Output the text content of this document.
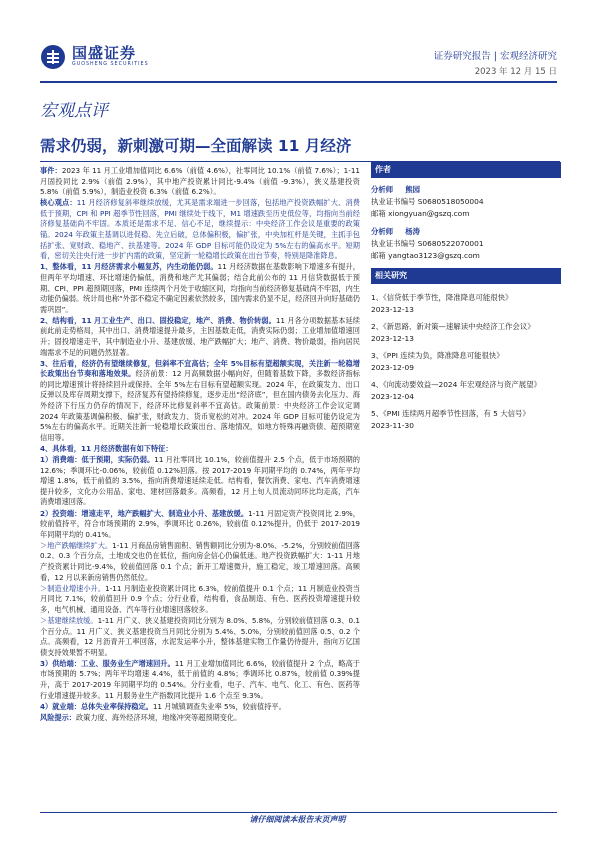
国盛证券
GUOSHENG SECURITIES
证券研究报告 | 宏观经济研究
2023 年 12 月 15 日
宏观点评
需求仍弱，新刺激可期—全面解读 11 月经济

事件：2023 年 11 月工业增加值同比 6.6%（前值 4.6%），社零同比 10.1%（前值 7.6%）；1-11 月固投同比 2.9%（前值 2.9%），其中地产投资累计同比-9.4%（前值 -9.3%），狭义基建投资 5.8%（前值 5.9%），制造业投资 6.3%（前值 6.2%）。

核心观点：11 月经济修复斜率继续放缓，尤其是需求端进一步回落，包括地产投资跌幅扩大、消费低于预期，CPI 和 PPI 超季节性回落，PMI 继续处于线下，M1 增速跌至历史低位等，均指向当前经济修复基础尚不牢固。本质还是需求不足、信心不足，继续提示：中央经济工作会议是重要的政策锚。2024 年政策主基调以进促稳、先立后破，总体偏积极，偏扩张，中央加杠杆是关键，主抓手包括扩张、宽财政、稳地产、扶基建等。2024 年 GDP 目标可能仍设定为 5%左右的偏高水平。短期看，密切关注央行进一步扩内需的政策，坚定新一轮稳增长政策在出台节奏，特别是降准降息。

1、整体看，11 月经济需求小幅复苏，内生动能仍弱。11 月经济数据在基数影响下增速多有提升，但两年平均增速、环比增速仍偏低，消费和地产尤其偏弱；结合此前公布的 11 月信贷数据低于预期、CPI、PPI 超预期回落，PMI 连续两个月处于收缩区间，均指向当前经济修复基础尚不牢固，内生动能仍偏弱。统计局也称“外部不稳定不确定因素依然较多，国内需求仍显不足，经济回升向好基础仍需巩固”。

2、结构看，11 月工业生产、出口、固投稳定，地产、消费、物价转弱。11 月各分项数据基本延续前此前走势格局，其中出口、消费增速提升最多，主因基数走低，消费实际仍弱；工业增加值增速回升；固投增速走平，其中制造业小升、基建放缓、地产跌幅扩大；地产、消费、物价最弱，指向居民端需求不足的问题仍然显著。

3、往后看，经济仍有望继续修复，但斜率不宜高估；全年 5%目标有望超额实现，关注新一轮稳增长政策出台节奏和落地效果。经济前景：12 月高频数据小幅向好，但随着基数下降，多数经济指标的同比增速预计将持续回升或保持。全年 5%左右目标有望超额实现。2024 年，在政策发力、出口反弹以及库存周期支撑下，经济复苏有望持续修复，逐步走出“经济底”，但在国内债务去化压力、海外经济下行压力仍存的情况下，经济环比修复斜率不宜高估。政策前景：中央经济工作会议定调 2024 年政策基调偏积极、偏扩张，财政发力、货币宽松的对冲。2024 年 GDP 目标可能仍设定为 5%左右的偏高水平。近期关注新一轮稳增长政策出台、落地情况，如地方特殊再融资债、超预期宽信用等。

4、具体看，11 月经济数据有如下特征：

1）消费端：低于预期，实际仍弱。11 月社零同比 10.1%，较前值提升 2.5 个点，低于市场预期的 12.6%；季调环比-0.06%，较前值 0.12%回落。按 2017-2019 年同期平均的 0.74%，两年平均增速 1.8%，低于前值的 3.5%，指向消费增速延续走低。结构看，餐饮消费、家电、汽车消费增速提升较多，文化办公用品、家电、建材回落最多。高频看，12 月上旬人员流动同环比均走高，汽车消费增速回落。

2）投资端：增速走平，地产跌幅扩大、制造业小升、基建放缓。1-11 月固定资产投资同比 2.9%，较前值持平，符合市场预期的 2.9%，季调环比 0.26%，较前值 0.12%提升，仍低于 2017-2019 年同期平均的 0.41%。

＞地产跌幅继续扩大。1-11 月商品房销售面积、销售额同比分别为-8.0%、-5.2%，分别较前值回落 0.2、0.3 个百分点，土地成交也仍在低位，指向房企信心仍偏低迷。地产投资跌幅扩大：1-11 月地产投资累计同比-9.4%，较前值回落 0.1 个点；新开工增速微升，施工稳定，竣工增速回落。高频看，12 月以来新房销售仍然低位。

＞制造业增速小升。1-11 月制造业投资累计同比 6.3%，较前值提升 0.1 个点；11 月制造业投资当月同比 7.1%，较前值回升 0.9 个点；分行业看，结构看，食品制造、有色、医药投资增速提升较多，电气机械、通用设备、汽车等行业增速回落较多。

＞基建继续放缓。1-11 月广义、狭义基建投资同比分别为 8.0%、5.8%，分别较前值回落 0.3、0.1 个百分点。11 月广义、狭义基建投资当月同比分别为 5.4%、5.0%，分别较前值回落 0.5、0.2 个点。高频看，12 月沥青开工率回落，水泥发运率小升，整体基建实物工作量仍待提升，指向万亿国债支持效果暂不明显。

3）供给端：工业、服务业生产增速回升。11 月工业增加值同比 6.6%，较前值提升 2 个点，略高于市场预期的 5.7%；两年平均增速 4.4%，低于前值的 4.8%；季调环比 0.87%，较前值 0.39%提升，高于 2017-2019 年同期平均的 0.54%。分行业看，电子、汽车、电气、化工、有色、医药等行业增速提升较多。11 月服务业生产指数同比提升 1.6 个点至 9.3%。

4）就业端：总体失业率保持稳定。11 月城镇调查失业率 5%，较前值持平。

风险提示：政策力度、海外经济环境，地缘冲突等超预期变化。

作者
分析师 熊园
执业证书编号 S0680518050004
邮箱 xiongyuan@gszq.com
分析师 杨涛
执业证书编号 S0680522070001
邮箱 yangtao3123@gszq.com
相关研究
1、《信贷低于季节性，降准降息可能很快》
2023-12-13
2、《新思路、新对策—速解读中央经济工作会议》
2023-12-13
3、《PPI 连续为负，降准降息可能很快》
2023-12-09
4、《向流动要效益—2024 年宏观经济与资产展望》
2023-12-04
5、《PMI 连续两月超季节性回落，有 5 大信号》
2023-11-30
请仔细阅读本报告末页声明
